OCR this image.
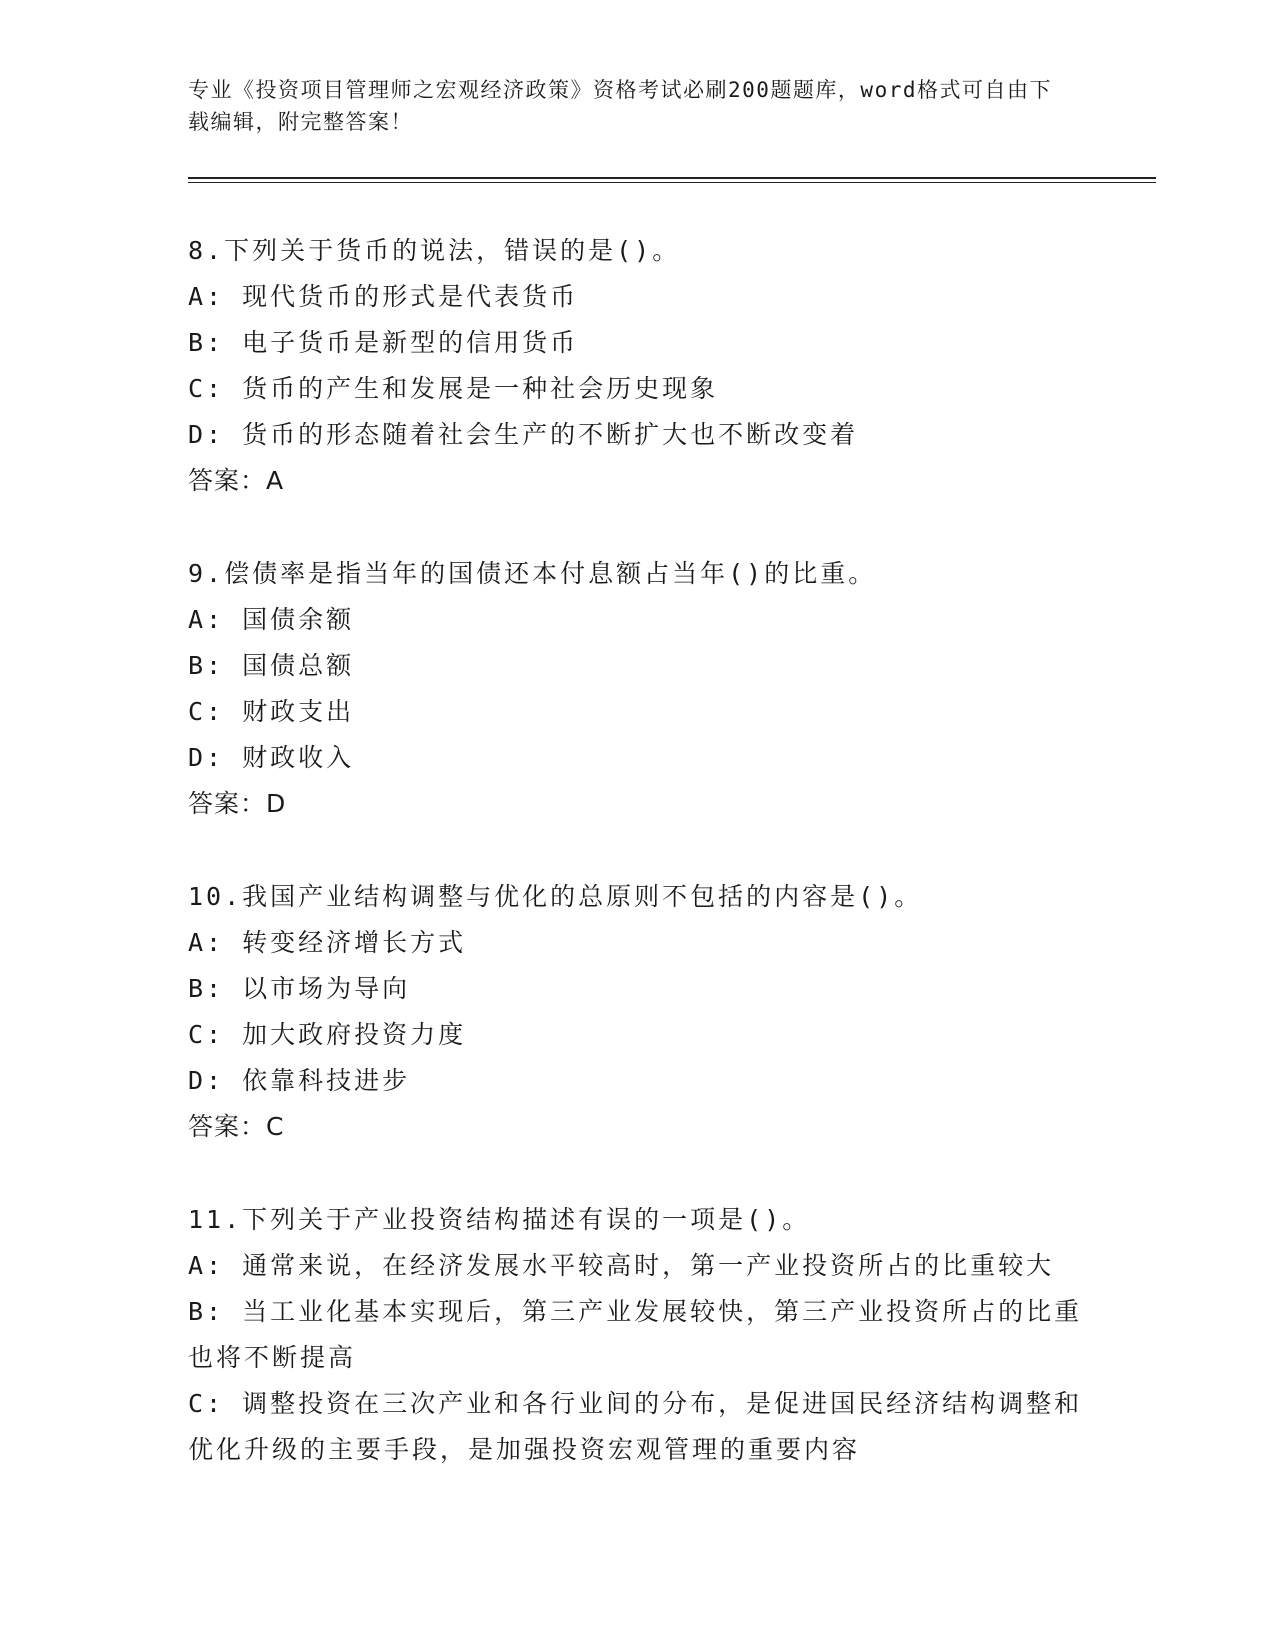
专业《投资项目管理师之宏观经济政策》资格考试必刷200题题库，word格式可自由下载编辑，附完整答案！
8.下列关于货币的说法，错误的是()。
A: 现代货币的形式是代表货币
B: 电子货币是新型的信用货币
C: 货币的产生和发展是一种社会历史现象
D: 货币的形态随着社会生产的不断扩大也不断改变着
答案：A
9.偿债率是指当年的国债还本付息额占当年()的比重。
A: 国债余额
B: 国债总额
C: 财政支出
D: 财政收入
答案：D
10.我国产业结构调整与优化的总原则不包括的内容是()。
A: 转变经济增长方式
B: 以市场为导向
C: 加大政府投资力度
D: 依靠科技进步
答案：C
11.下列关于产业投资结构描述有误的一项是()。
A: 通常来说，在经济发展水平较高时，第一产业投资所占的比重较大
B: 当工业化基本实现后，第三产业发展较快，第三产业投资所占的比重也将不断提高
C: 调整投资在三次产业和各行业间的分布，是促进国民经济结构调整和优化升级的主要手段，是加强投资宏观管理的重要内容
